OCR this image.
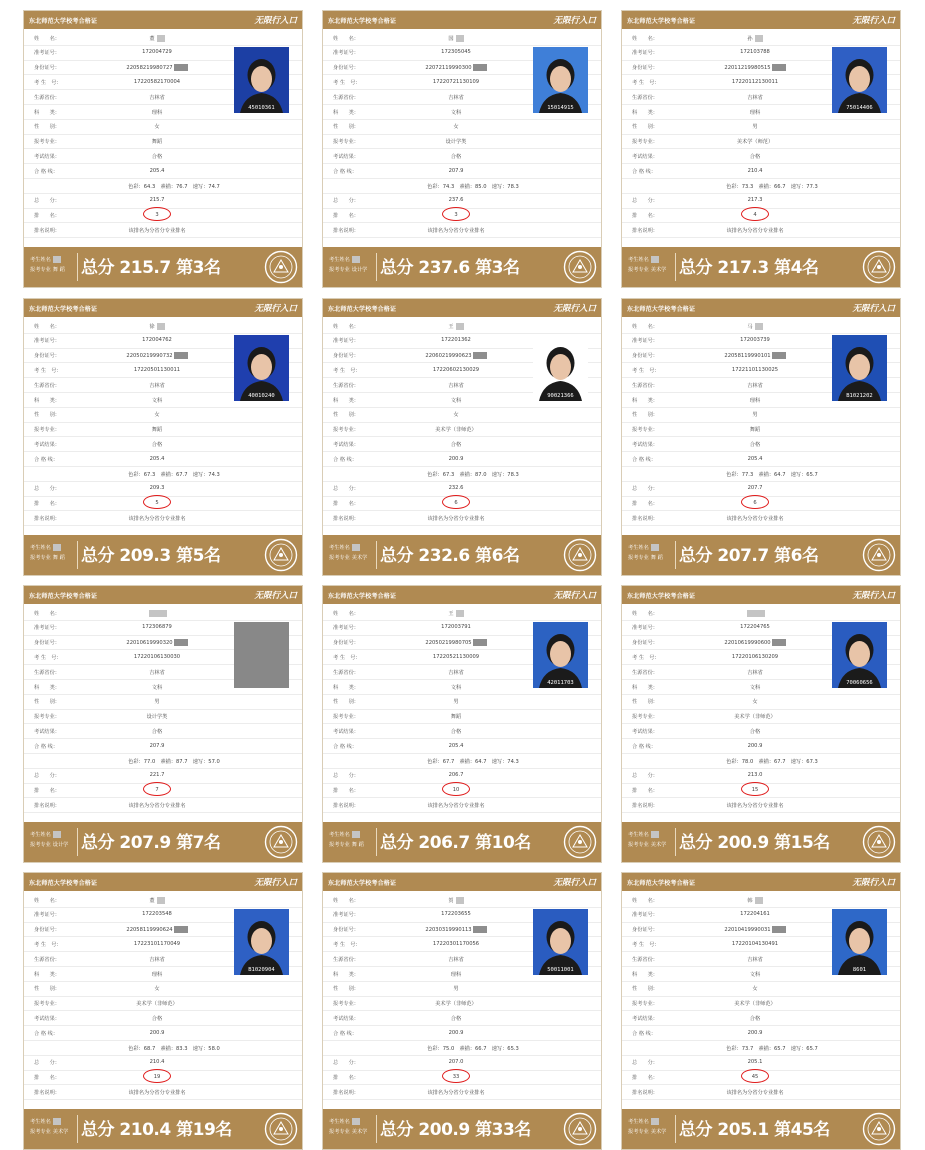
东北师范大学校考合格证	无限行入口
姓　　名：	董
准考证号：	172004729
身份证号：	22058219980727
考 生　号：	17220582170004
生源省份：	吉林省
科　　类：	理科
性　　别：	女
报考专业：	舞蹈
考试结果：	合格
合 格 线：	205.4
色彩：64.3　素描：76.7　速写：74.7
总　　分：	215.7
排　　名：	3
排名说明：	该排名为分省分专业排名
45010361
考生姓名
报考专业 舞 蹈 总分 215.7 第3名
东北师范大学校考合格证	无限行入口
姓　　名：	国
准考证号：	172305045
身份证号：	22072119990300
考 生　号：	17220721130109
生源省份：	吉林省
科　　类：	文科
性　　别：	女
报考专业：	设计学类
考试结果：	合格
合 格 线：	207.9
色彩：74.3　素描：85.0　速写：78.3
总　　分：	237.6
排　　名：	3
排名说明：	该排名为分省分专业排名
15014915
考生姓名
报考专业 设计学 总分 237.6 第3名
东北师范大学校考合格证	无限行入口
姓　　名：	孙
准考证号：	172103788
身份证号：	22011219980515
考 生　号：	17220112130011
生源省份：	吉林省
科　　类：	理科
性　　别：	男
报考专业：	美术学（师范）
考试结果：	合格
合 格 线：	210.4
色彩：73.3　素描：66.7　速写：77.3
总　　分：	217.3
排　　名：	4
排名说明：	该排名为分省分专业排名
75014406
考生姓名
报考专业 美术学 总分 217.3 第4名
东北师范大学校考合格证	无限行入口
姓　　名：	徐
准考证号：	172004762
身份证号：	22050219990732
考 生　号：	17220501130011
生源省份：	吉林省
科　　类：	文科
性　　别：	女
报考专业：	舞蹈
考试结果：	合格
合 格 线：	205.4
色彩：67.3　素描：67.7　速写：74.3
总　　分：	209.3
排　　名：	5
排名说明：	该排名为分省分专业排名
40010240
考生姓名
报考专业 舞 蹈 总分 209.3 第5名
东北师范大学校考合格证	无限行入口
姓　　名：	王
准考证号：	172201362
身份证号：	22060219990623
考 生　号：	17220602130029
生源省份：	吉林省
科　　类：	文科
性　　别：	女
报考专业：	美术学（非师范）
考试结果：	合格
合 格 线：	200.9
色彩：67.3　素描：87.0　速写：78.3
总　　分：	232.6
排　　名：	6
排名说明：	该排名为分省分专业排名
90021366
考生姓名
报考专业 美术学 总分 232.6 第6名
东北师范大学校考合格证	无限行入口
姓　　名：	马
准考证号：	172003739
身份证号：	22058119990101
考 生　号：	17221101130025
生源省份：	吉林省
科　　类：	理科
性　　别：	男
报考专业：	舞蹈
考试结果：	合格
合 格 线：	205.4
色彩：77.3　素描：64.7　速写：65.7
总　　分：	207.7
排　　名：	6
排名说明：	该排名为分省分专业排名
B1021202
考生姓名
报考专业 舞 蹈 总分 207.7 第6名
东北师范大学校考合格证	无限行入口
姓　　名：
准考证号：	172306879
身份证号：	22010619990320
考 生　号：	17220106130030
生源省份：	吉林省
科　　类：	文科
性　　别：	男
报考专业：	设计学类
考试结果：	合格
合 格 线：	207.9
色彩：77.0　素描：87.7　速写：57.0
总　　分：	221.7
排　　名：	7
排名说明：	该排名为分省分专业排名
考生姓名
报考专业 设计学 总分 207.9 第7名
东北师范大学校考合格证	无限行入口
姓　　名：	王
准考证号：	172003791
身份证号：	22050219980705
考 生　号：	17220521130009
生源省份：	吉林省
科　　类：	文科
性　　别：	男
报考专业：	舞蹈
考试结果：	合格
合 格 线：	205.4
色彩：67.7　素描：64.7　速写：74.3
总　　分：	206.7
排　　名：	10
排名说明：	该排名为分省分专业排名
42011703
考生姓名
报考专业 舞 蹈 总分 206.7 第10名
东北师范大学校考合格证	无限行入口
姓　　名：
准考证号：	172204765
身份证号：	22010619990600
考 生　号：	17220106130209
生源省份：	吉林省
科　　类：	文科
性　　别：	女
报考专业：	美术学（非师范）
考试结果：	合格
合 格 线：	200.9
色彩：78.0　素描：67.7　速写：67.3
总　　分：	213.0
排　　名：	15
排名说明：	该排名为分省分专业排名
70060656
考生姓名
报考专业 美术学 总分 200.9 第15名
东北师范大学校考合格证	无限行入口
姓　　名：	董
准考证号：	172203548
身份证号：	22058119990624
考 生　号：	17223101170049
生源省份：	吉林省
科　　类：	理科
性　　别：	女
报考专业：	美术学（非师范）
考试结果：	合格
合 格 线：	200.9
色彩：68.7　素描：83.3　速写：58.0
总　　分：	210.4
排　　名：	19
排名说明：	该排名为分省分专业排名
B1020904
考生姓名
报考专业 美术学 总分 210.4 第19名
东北师范大学校考合格证	无限行入口
姓　　名：	贺
准考证号：	172203655
身份证号：	22030319990113
考 生　号：	17220301170056
生源省份：	吉林省
科　　类：	理科
性　　别：	男
报考专业：	美术学（非师范）
考试结果：	合格
合 格 线：	200.9
色彩：75.0　素描：66.7　速写：65.3
总　　分：	207.0
排　　名：	33
排名说明：	该排名为分省分专业排名
50011001
考生姓名
报考专业 美术学 总分 200.9 第33名
东北师范大学校考合格证	无限行入口
姓　　名：	韩
准考证号：	172204161
身份证号：	22010419990031
考 生　号：	17220104130491
生源省份：	吉林省
科　　类：	文科
性　　别：	女
报考专业：	美术学（非师范）
考试结果：	合格
合 格 线：	200.9
色彩：73.7　素描：65.7　速写：65.7
总　　分：	205.1
排　　名：	45
排名说明：	该排名为分省分专业排名
8601
考生姓名
报考专业 美术学 总分 205.1 第45名
